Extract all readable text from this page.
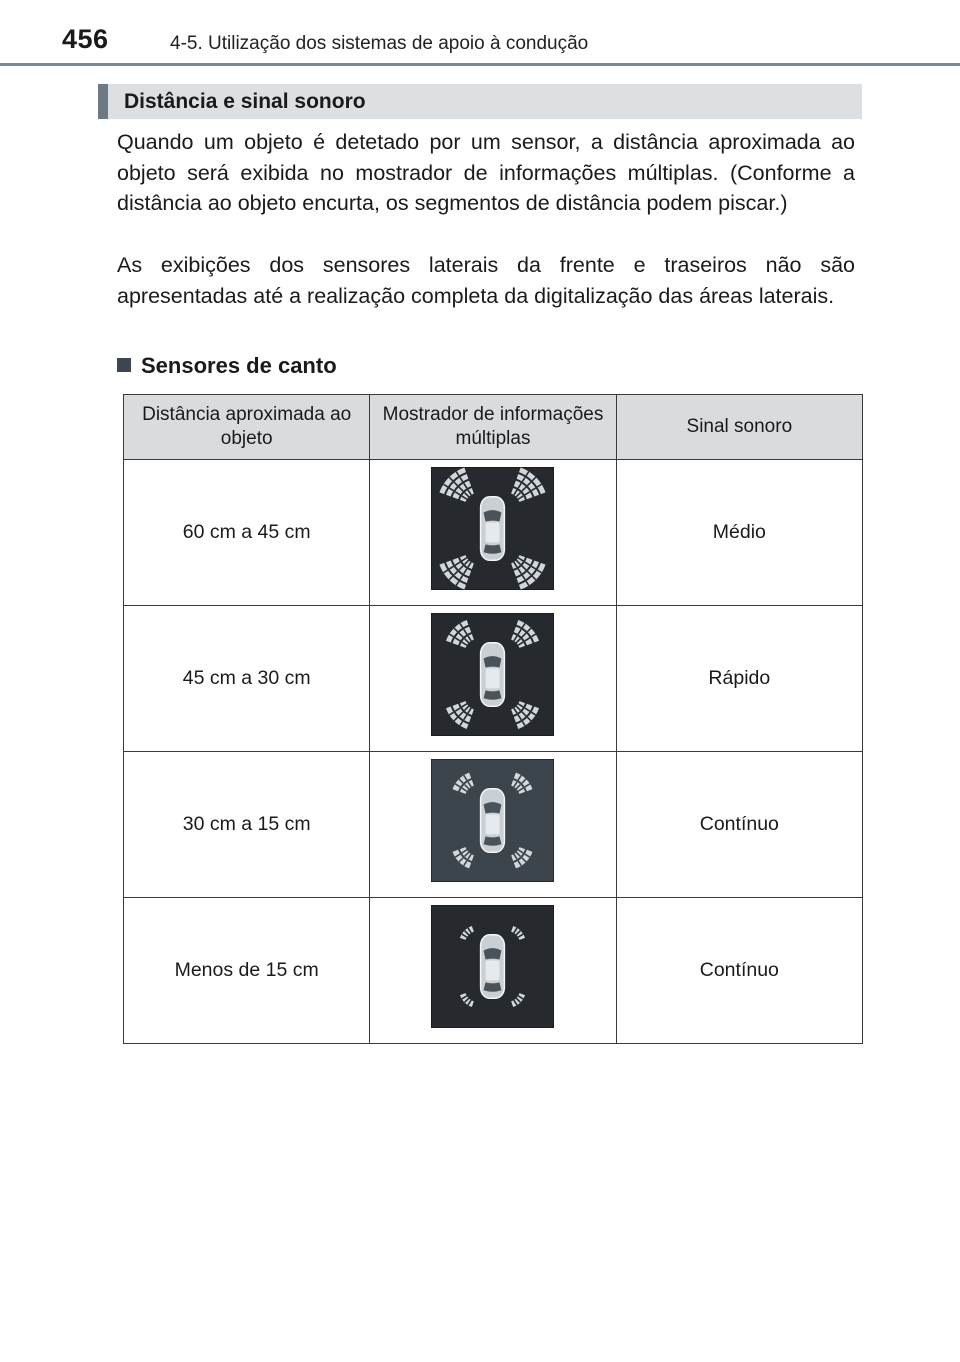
456	4-5. Utilização dos sistemas de apoio à condução
Distância e sinal sonoro
Quando um objeto é detetado por um sensor, a distância aproximada ao objeto será exibida no mostrador de informações múltiplas. (Conforme a distância ao objeto encurta, os segmentos de distância podem piscar.)
As exibições dos sensores laterais da frente e traseiros não são apresentadas até a realização completa da digitalização das áreas laterais.
Sensores de canto
Distância aproximada ao objeto	Mostrador de informações múltiplas	Sinal sonoro
60 cm a 45 cm		Médio
45 cm a 30 cm		Rápido
30 cm a 15 cm		Contínuo
Menos de 15 cm		Contínuo
